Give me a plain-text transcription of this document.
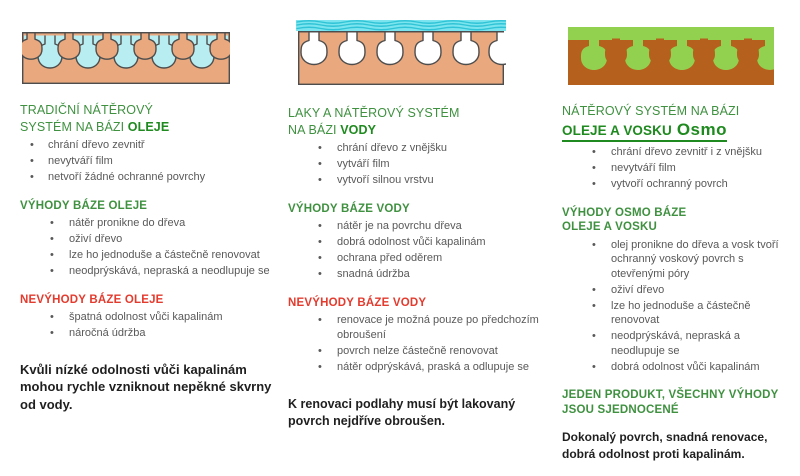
TRADIČNÍ NÁTĚROVÝ
SYSTÉM NA BÁZI OLEJE
• chrání dřevo zevnitř
• nevytváří film
• netvoří žádné ochranné povrchy
VÝHODY BÁZE OLEJE
• nátěr pronikne do dřeva
• oživí dřevo
• lze ho jednoduše a částečně renovovat
• neodprýskává, nepraská a neodlupuje se
NEVÝHODY BÁZE OLEJE
• špatná odolnost vůči kapalinám
• náročná údržba

Kvůli nízké odolnosti vůči kapalinám mohou rychle vzniknout nepěkné skvrny od vody.

LAKY A NÁTĚROVÝ SYSTÉM
NA BÁZI VODY
• chrání dřevo z vnějšku
• vytváří film
• vytvoří silnou vrstvu
VÝHODY BÁZE VODY
• nátěr je na povrchu dřeva
• dobrá odolnost vůči kapalinám
• ochrana před oděrem
• snadná údržba
NEVÝHODY BÁZE VODY
• renovace je možná pouze po předchozím obroušení
• povrch nelze částečně renovovat
• nátěr odprýskává, praská a odlupuje se

K renovaci podlahy musí být lakovaný povrch nejdříve obroušen.

NÁTĚROVÝ SYSTÉM NA BÁZI
OLEJE A VOSKU Osmo
• chrání dřevo zevnitř i z vnějšku
• nevytváří film
• vytvoří ochranný povrch
VÝHODY OSMO BÁZE
OLEJE A VOSKU
• olej pronikne do dřeva a vosk tvoří ochranný voskový povrch s otevřenými póry
• oživí dřevo
• lze ho jednoduše a částečně renovovat
• neodprýskává, nepraská a neodlupuje se
• dobrá odolnost vůči kapalinám
JEDEN PRODUKT, VŠECHNY VÝHODY JSOU SJEDNOCENÉ

Dokonalý povrch, snadná renovace, dobrá odolnost proti kapalinám.
